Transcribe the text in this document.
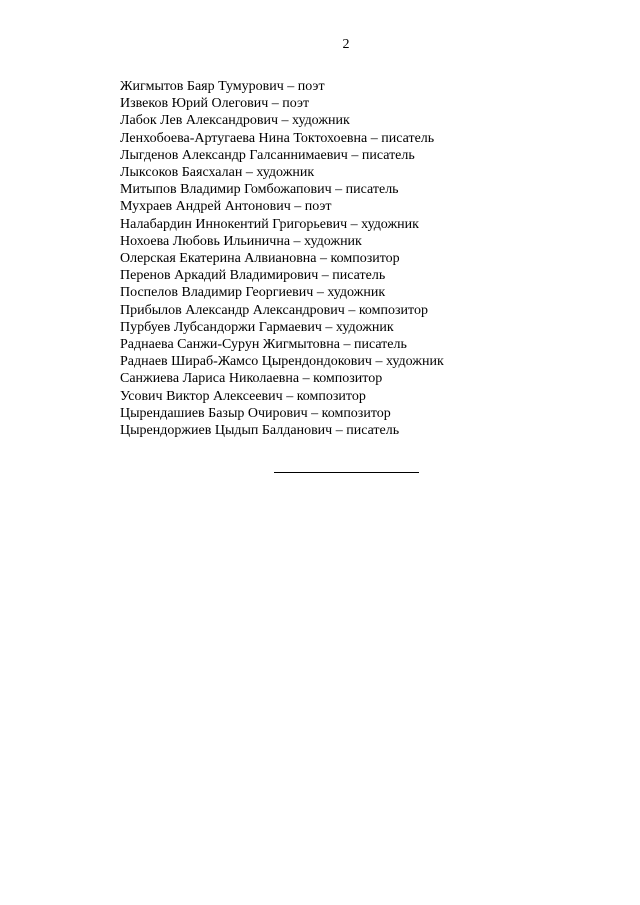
2
Жигмытов Баяр Тумурович – поэт
Извеков Юрий Олегович – поэт
Лабок Лев Александрович – художник
Ленхобоева-Артугаева Нина Токтохоевна – писатель
Лыгденов Александр Галсаннимаевич – писатель
Лыксоков Баясхалан – художник
Митыпов Владимир Гомбожапович – писатель
Мухраев Андрей Антонович – поэт
Налабардин Иннокентий Григорьевич – художник
Нохоева Любовь Ильинична – художник
Олерская Екатерина Алвиановна – композитор
Перенов Аркадий Владимирович – писатель
Поспелов Владимир Георгиевич – художник
Прибылов Александр Александрович – композитор
Пурбуев Лубсандоржи Гармаевич – художник
Раднаева Санжи-Сурун Жигмытовна – писатель
Раднаев Шираб-Жамсо Цырендондокович – художник
Санжиева Лариса Николаевна – композитор
Усович Виктор Алексеевич – композитор
Цырендашиев Базыр Очирович – композитор
Цырендоржиев Цыдып Балданович – писатель
